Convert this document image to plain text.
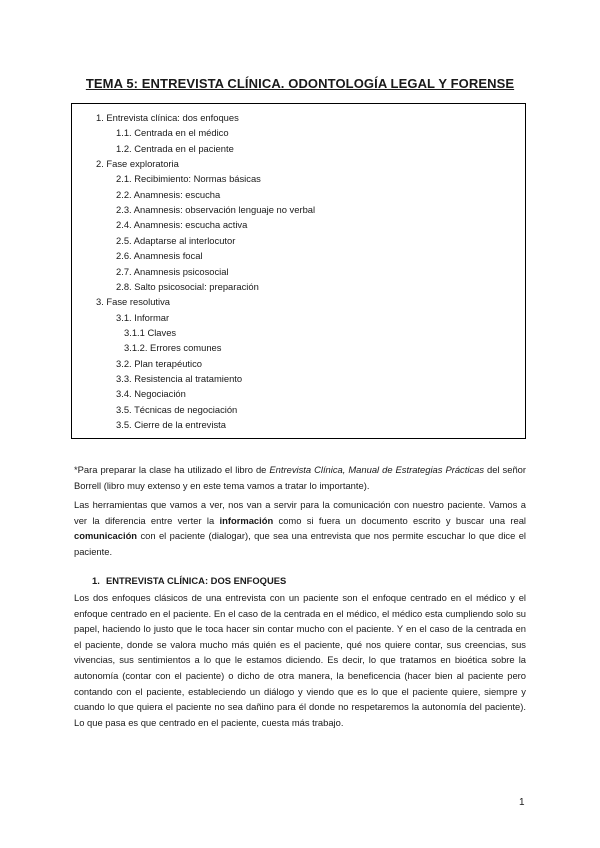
TEMA 5: ENTREVISTA CLÍNICA. ODONTOLOGÍA LEGAL Y FORENSE
1. Entrevista clínica: dos enfoques
1.1. Centrada en el médico
1.2. Centrada en el paciente
2. Fase exploratoria
2.1. Recibimiento: Normas básicas
2.2. Anamnesis: escucha
2.3. Anamnesis: observación lenguaje no verbal
2.4. Anamnesis: escucha activa
2.5. Adaptarse al interlocutor
2.6. Anamnesis focal
2.7. Anamnesis psicosocial
2.8. Salto psicosocial: preparación
3. Fase resolutiva
3.1. Informar
3.1.1 Claves
3.1.2. Errores comunes
3.2. Plan terapéutico
3.3. Resistencia al tratamiento
3.4. Negociación
3.5. Técnicas de negociación
3.5. Cierre de la entrevista
*Para preparar la clase ha utilizado el libro de Entrevista Clínica, Manual de Estrategias Prácticas del señor Borrell (libro muy extenso y en este tema vamos a tratar lo importante).
Las herramientas que vamos a ver, nos van a servir para la comunicación con nuestro paciente. Vamos a ver la diferencia entre verter la información como si fuera un documento escrito y buscar una real comunicación con el paciente (dialogar), que sea una entrevista que nos permite escuchar lo que dice el paciente.
1. ENTREVISTA CLÍNICA: DOS ENFOQUES
Los dos enfoques clásicos de una entrevista con un paciente son el enfoque centrado en el médico y el enfoque centrado en el paciente. En el caso de la centrada en el médico, el médico esta cumpliendo solo su papel, haciendo lo justo que le toca hacer sin contar mucho con el paciente. Y en el caso de la centrada en el paciente, donde se valora mucho más quién es el paciente, qué nos quiere contar, sus creencias, sus vivencias, sus sentimientos a lo que le estamos diciendo. Es decir, lo que tratamos en bioética sobre la autonomía (contar con el paciente) o dicho de otra manera, la beneficencia (hacer bien al paciente pero contando con el paciente, estableciendo un diálogo y viendo que es lo que el paciente quiere, siempre y cuando lo que quiera el paciente no sea dañino para él donde no respetaremos la autonomía del paciente). Lo que pasa es que centrado en el paciente, cuesta más trabajo.
1
